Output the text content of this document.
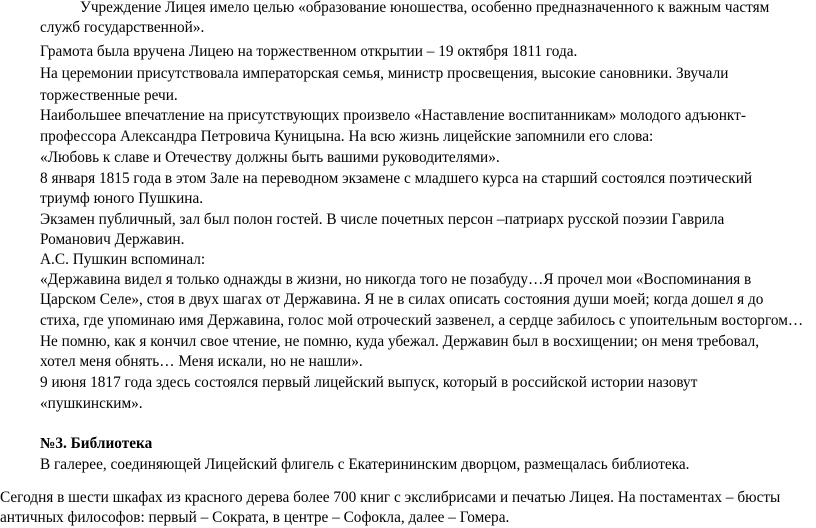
Учреждение Лицея имело целью «образование юношества, особенно предназначенного к важным частям
служб государственной».
Грамота была вручена Лицею на торжественном открытии – 19 октября 1811 года.
На церемонии присутствовала императорская семья, министр просвещения, высокие сановники. Звучали
торжественные речи.
Наибольшее впечатление на присутствующих произвело «Наставление воспитанникам» молодого адъюнкт-
профессора Александра Петровича Куницына. На всю жизнь лицейские запомнили его слова:
«Любовь к славе и Отечеству должны быть вашими руководителями».
8 января 1815 года в этом Зале на переводном экзамене с младшего курса на старший состоялся поэтический
триумф юного Пушкина.
Экзамен публичный, зал был полон гостей. В числе почетных персон –патриарх русской поэзии Гаврила
Романович Державин.
А.С. Пушкин вспоминал:
«Державина видел я только однажды в жизни, но никогда того не позабуду…Я прочел мои «Воспоминания в
Царском Селе», стоя в двух шагах от Державина. Я не в силах описать состояния души моей; когда дошел я до
стиха, где упоминаю имя Державина, голос мой отроческий зазвенел, а сердце забилось с упоительным восторгом…
Не помню, как я кончил свое чтение, не помню, куда убежал. Державин был в восхищении; он меня требовал,
хотел меня обнять… Меня искали, но не нашли».
9 июня 1817 года здесь состоялся первый лицейский выпуск, который в российской истории назовут
«пушкинским».
№3. Библиотека
В галерее, соединяющей Лицейский флигель с Екатерининским дворцом, размещалась библиотека.
Сегодня в шести шкафах из красного дерева более 700 книг с экслибрисами и печатью Лицея. На постаментах – бюсты
античных философов: первый – Сократа, в центре – Софокла, далее – Гомера.
